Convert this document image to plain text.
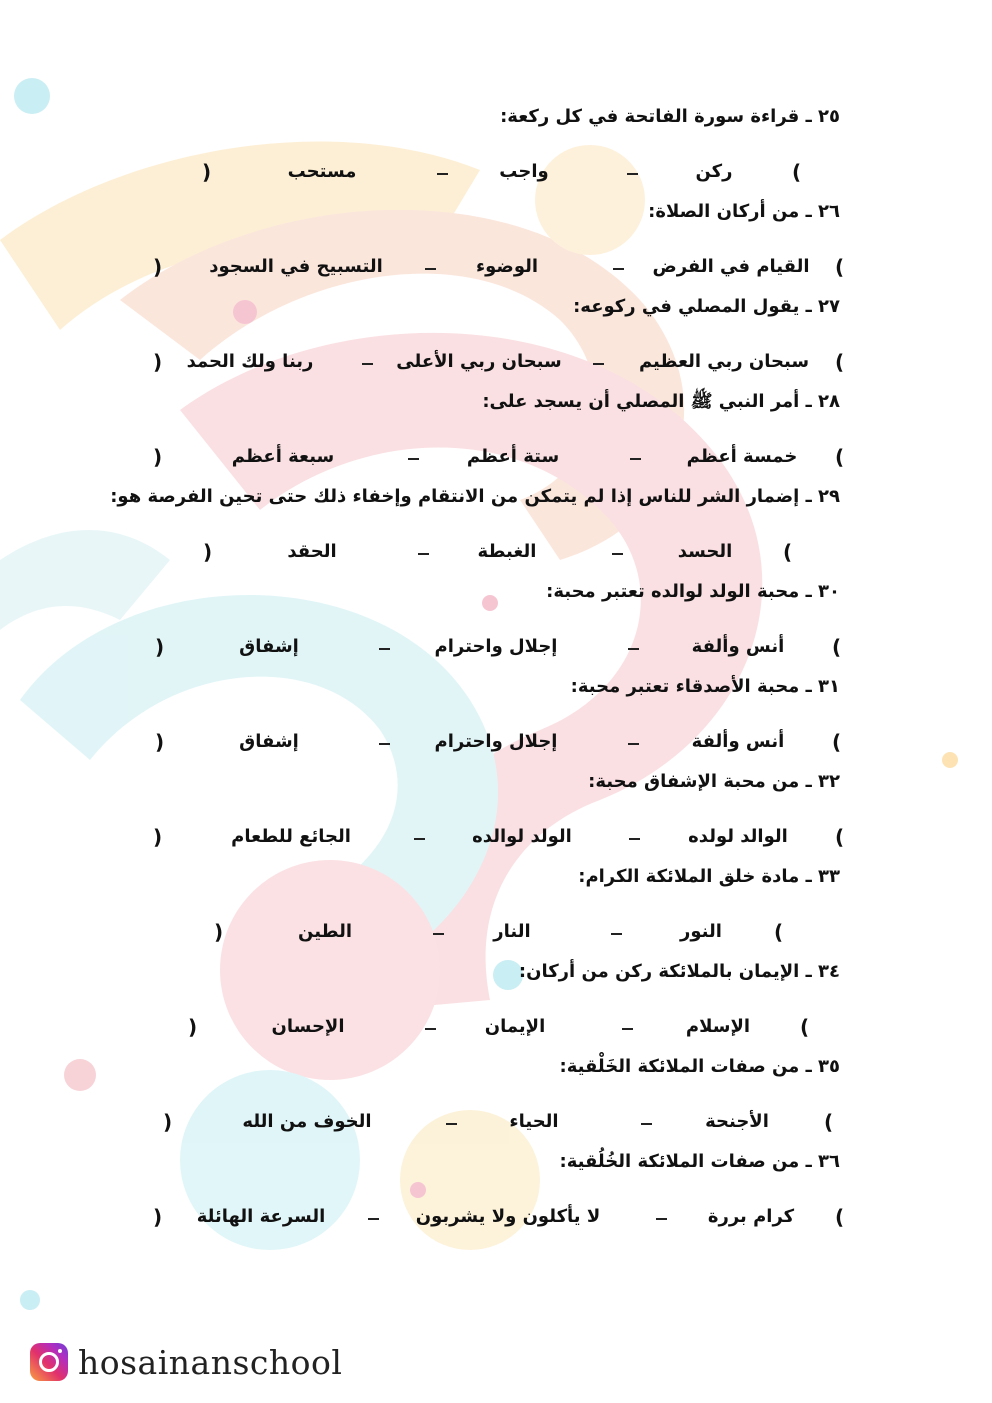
٢٥ ـ قراءة سورة الفاتحة في كل ركعة:
(
)	ركن
واجب
مستحب
٢٦ ـ من أركان الصلاة:
(
)	القيام في الفرض
الوضوء
التسبيح في السجود
٢٧ ـ يقول المصلي في ركوعه:
(
)	سبحان ربي العظيم
سبحان ربي الأعلى
ربنا ولك الحمد
٢٨ ـ أمر النبي ﷺ المصلي أن يسجد على:
(
)	خمسة أعظم
ستة أعظم
سبعة أعظم
٢٩ ـ إضمار الشر للناس إذا لم يتمكن من الانتقام وإخفاء ذلك حتى تحين الفرصة هو:
(
)	الحسد
الغبطة
الحقد
٣٠ ـ محبة الولد لوالده تعتبر محبة:
(
)	أنس وألفة
إجلال واحترام
إشفاق
٣١ ـ محبة الأصدقاء تعتبر محبة:
(
)	أنس وألفة
إجلال واحترام
إشفاق
٣٢ ـ من محبة الإشفاق محبة:
(
)	الوالد لولده
الولد لوالده
الجائع للطعام
٣٣ ـ مادة خلق الملائكة الكرام:
(
)	النور
النار
الطين
٣٤ ـ الإيمان بالملائكة ركن من أركان:
(
)	الإسلام
الإيمان
الإحسان
٣٥ ـ من صفات الملائكة الخَلْقية:
(
)	الأجنحة
الحياء
الخوف من الله
٣٦ ـ من صفات الملائكة الخُلُقية:
(
)	كرام بررة
لا يأكلون ولا يشربون
السرعة الهائلة
hosainanschool
